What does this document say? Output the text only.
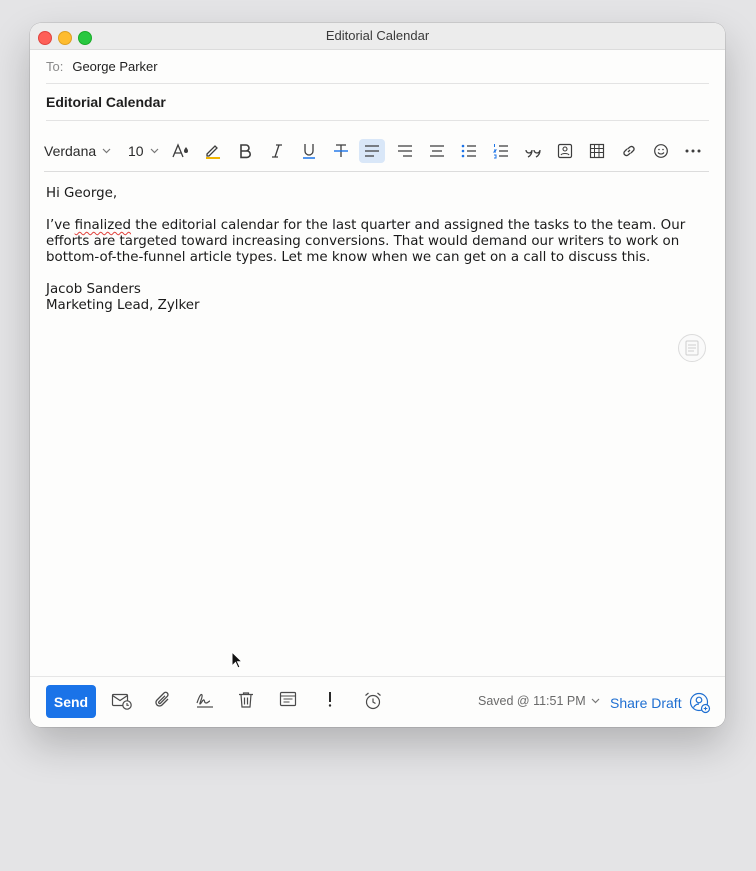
Editorial Calendar
To: George Parker
Editorial Calendar
Verdana 10

Hi George,

I’ve finalized the editorial calendar for the last quarter and assigned the tasks to the team. Our efforts are targeted toward increasing conversions. That would demand our writers to work on bottom-of-the-funnel article types. Let me know when we can get on a call to discuss this.

Jacob Sanders

Marketing Lead, Zylker

Send	Saved @ 11:51 PM Share Draft
